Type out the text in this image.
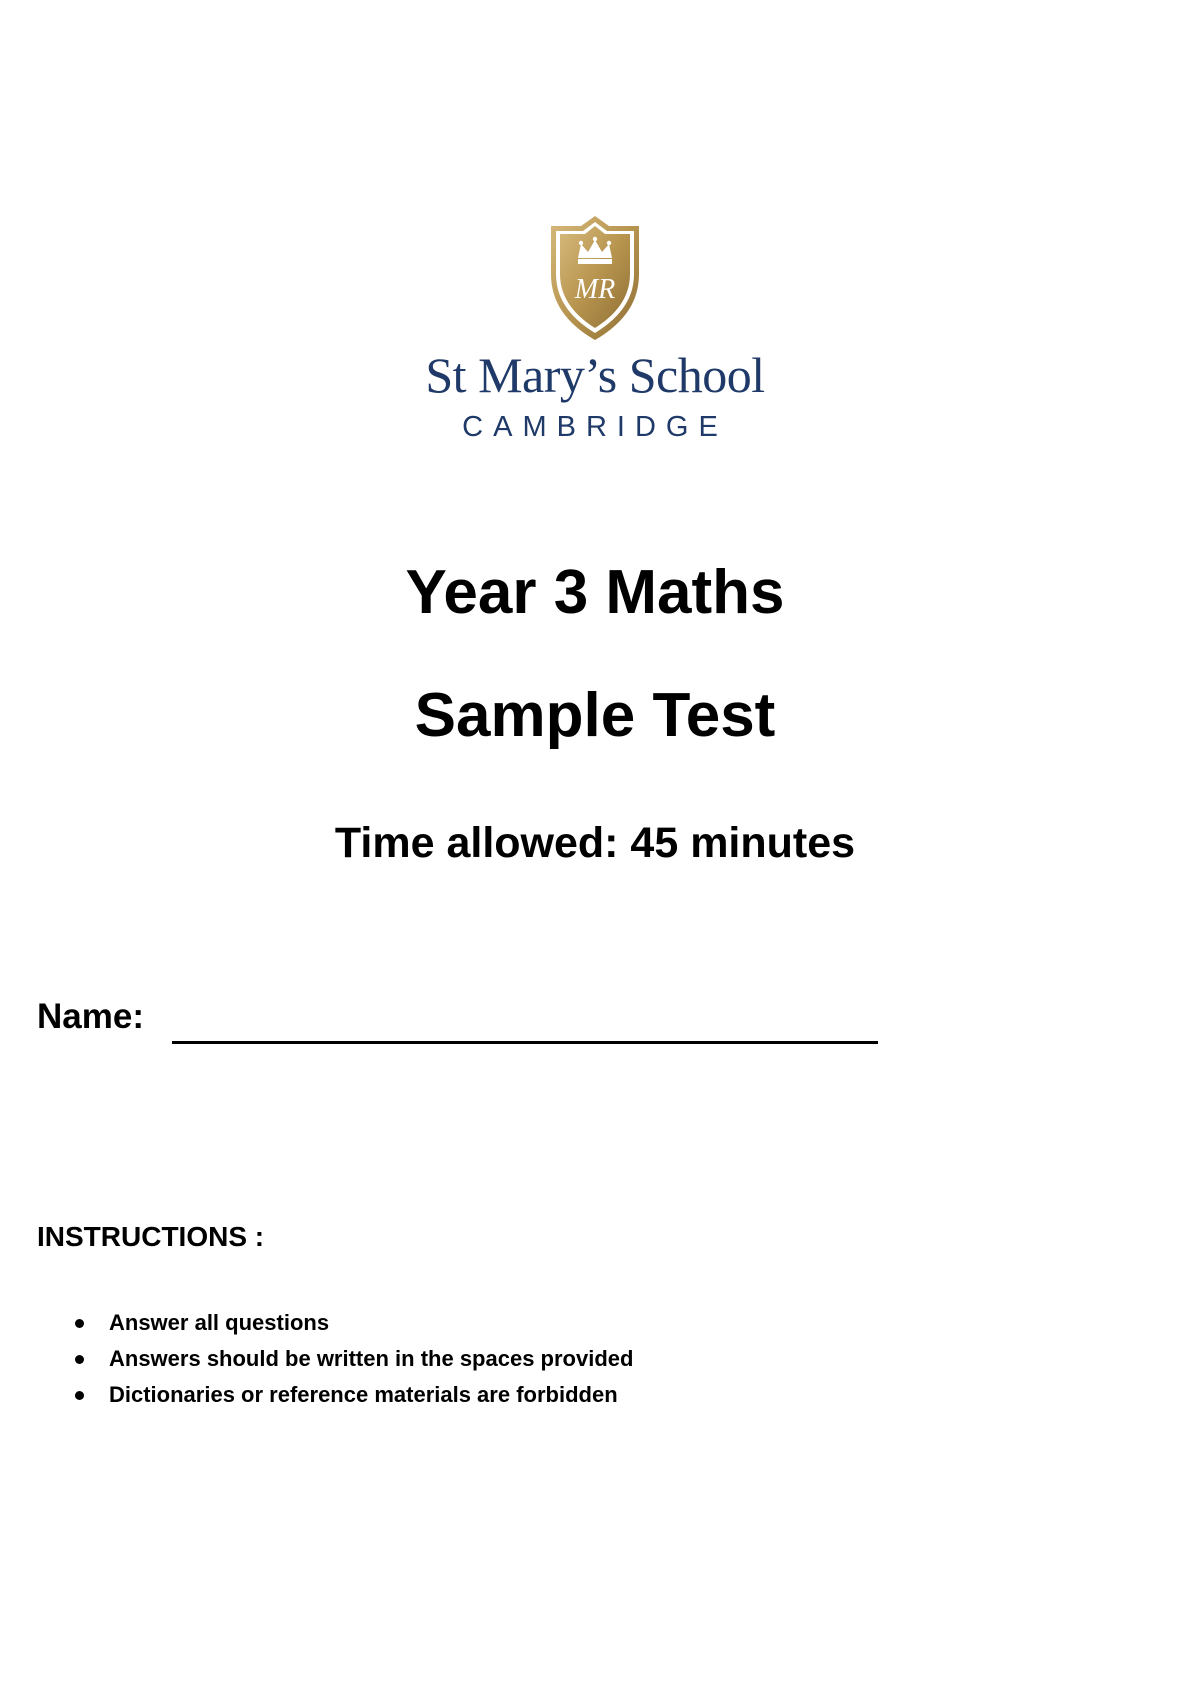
MR
St Mary’s School
CAMBRIDGE
Year 3 Maths
Sample Test
Time allowed: 45 minutes
Name:
INSTRUCTIONS :
Answer all questions
Answers should be written in the spaces provided
Dictionaries or reference materials are forbidden
